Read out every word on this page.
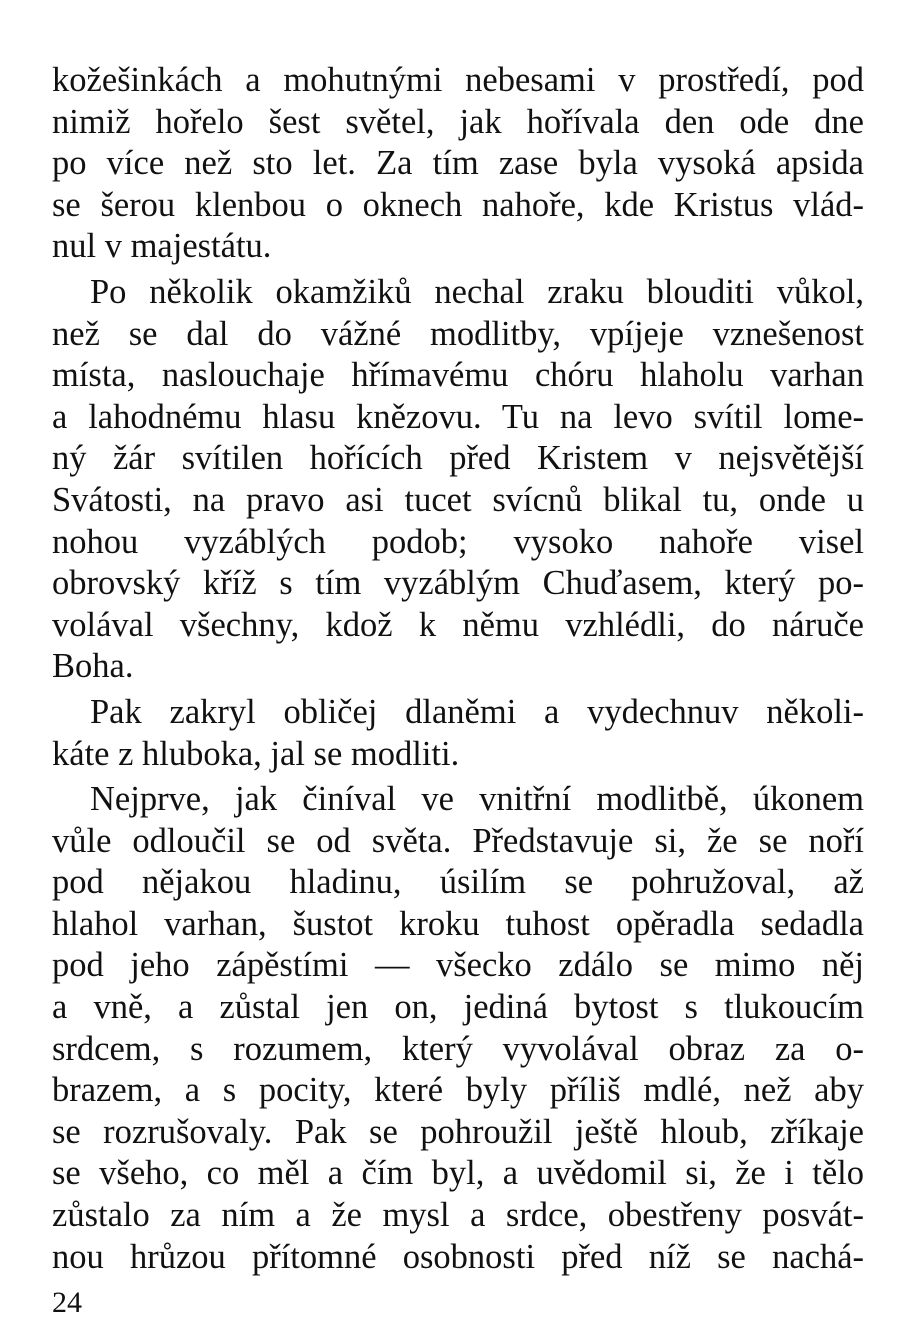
kožešinkách a mohutnými nebesami v prostředí, pod
nimiž hořelo šest světel, jak hořívala den ode dne
po více než sto let. Za tím zase byla vysoká apsida
se šerou klenbou o oknech nahoře, kde Kristus vlád-
nul v majestátu.
Po několik okamžiků nechal zraku blouditi vůkol,
než se dal do vážné modlitby, vpíjeje vznešenost
místa, naslouchaje hřímavému chóru hlaholu varhan
a lahodnému hlasu knězovu. Tu na levo svítil lome-
ný žár svítilen hořících před Kristem v nejsvětější
Svátosti, na pravo asi tucet svícnů blikal tu, onde u
nohou vyzáblých podob; vysoko nahoře visel
obrovský kříž s tím vyzáblým Chuďasem, který po-
volával všechny, kdož k němu vzhlédli, do náruče
Boha.
Pak zakryl obličej dlaněmi a vydechnuv několi-
káte z hluboka, jal se modliti.
Nejprve, jak činíval ve vnitřní modlitbě, úkonem
vůle odloučil se od světa. Představuje si, že se noří
pod nějakou hladinu, úsilím se pohružoval, až
hlahol varhan, šustot kroku tuhost opěradla sedadla
pod jeho zápěstími — všecko zdálo se mimo něj
a vně, a zůstal jen on, jediná bytost s tlukoucím
srdcem, s rozumem, který vyvolával obraz za o-
brazem, a s pocity, které byly příliš mdlé, než aby
se rozrušovaly. Pak se pohroužil ještě hloub, zříkaje
se všeho, co měl a čím byl, a uvědomil si, že i tělo
zůstalo za ním a že mysl a srdce, obestřeny posvát-
nou hrůzou přítomné osobnosti před níž se nachá-
24
